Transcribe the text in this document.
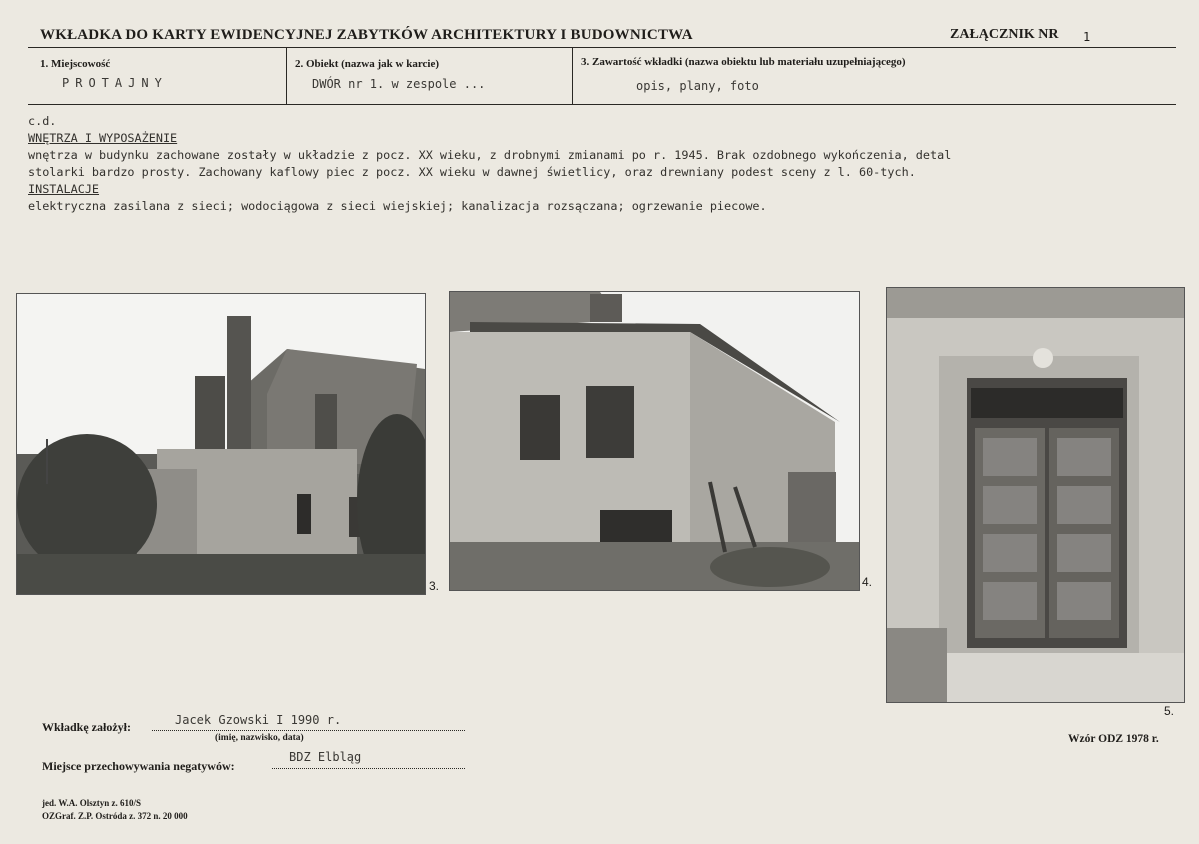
WKŁADKA DO KARTY EWIDENCYJNEJ ZABYTKÓW ARCHITEKTURY I BUDOWNICTWA	ZAŁĄCZNIK NR 1
1. Miejscowość
PROTAJNY
2. Obiekt (nazwa jak w karcie)
DWÓR nr 1. w zespole ...
3. Zawartość wkładki (nazwa obiektu lub materiału uzupełniającego)
opis, plany, foto
c.d.
WNĘTRZA I WYPOSAŻENIE
wnętrza w budynku zachowane zostały w układzie z pocz. XX wieku, z drobnymi zmianami po r. 1945. Brak ozdobnego wykończenia, detal
stolarki bardzo prosty. Zachowany kaflowy piec z pocz. XX wieku w dawnej świetlicy, oraz drewniany podest sceny z l. 60-tych.
INSTALACJE
elektryczna zasilana z sieci; wodociągowa z sieci wiejskiej; kanalizacja rozsączana; ogrzewanie piecowe.
3.	4.
5.
Wkładkę założył:	Jacek Gzowski I 1990 r.
(imię, nazwisko, data)
Miejsce przechowywania negatywów:
BDZ Elbląg
Wzór ODZ 1978 r.
jed. W.A. Olsztyn z. 610/S
OZGraf. Z.P. Ostróda z. 372 n. 20 000
